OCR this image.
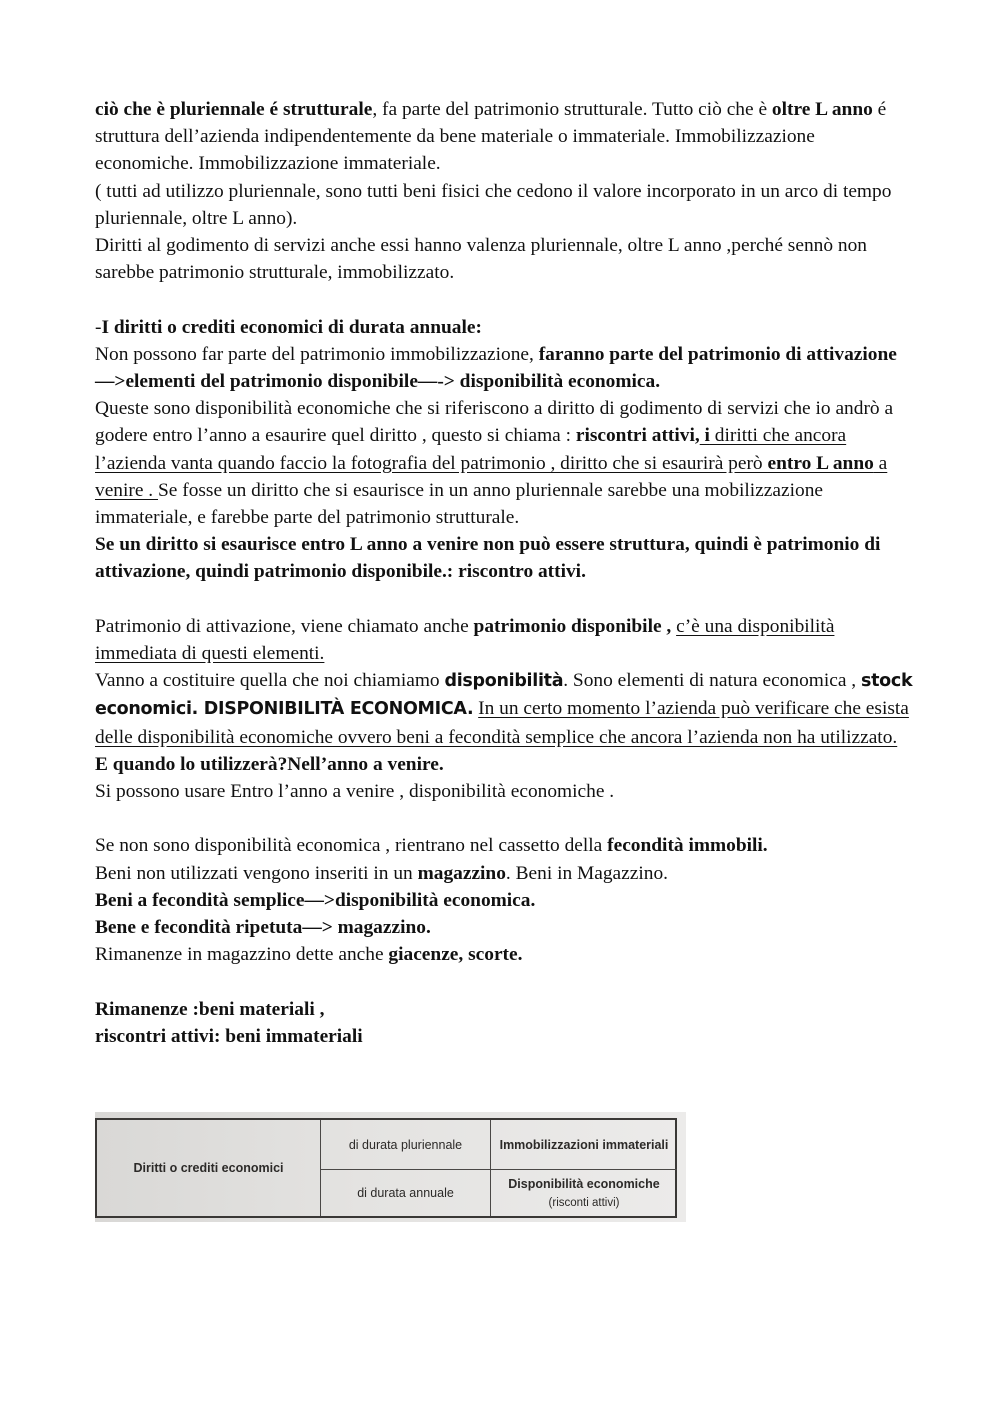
ciò che è pluriennale é strutturale, fa parte del patrimonio strutturale. Tutto ciò che è oltre L anno é struttura dell’azienda indipendentemente da bene materiale o immateriale. Immobilizzazione economiche. Immobilizzazione immateriale.

( tutti ad utilizzo pluriennale, sono tutti beni fisici che cedono il valore incorporato in un arco di tempo pluriennale, oltre L anno).

Diritti al godimento di servizi anche essi hanno valenza pluriennale, oltre L anno ,perché sennò non sarebbe patrimonio strutturale, immobilizzato.

-I diritti o crediti economici di durata annuale:

Non possono far parte del patrimonio immobilizzazione, faranno parte del patrimonio di attivazione—>elementi del patrimonio disponibile—-> disponibilità economica.

Queste sono disponibilità economiche che si riferiscono a diritto di godimento di servizi che io andrò a godere entro l’anno a esaurire quel diritto , questo si chiama : riscontri attivi, i diritti che ancora l’azienda vanta quando faccio la fotografia del patrimonio , diritto che si esaurirà però entro L anno a venire . Se fosse un diritto che si esaurisce in un anno pluriennale sarebbe una mobilizzazione immateriale, e farebbe parte del patrimonio strutturale.

Se un diritto si esaurisce entro L anno a venire non può essere struttura, quindi è patrimonio di attivazione, quindi patrimonio disponibile.: riscontro attivi.

Patrimonio di attivazione, viene chiamato anche patrimonio disponibile , c’è una disponibilità immediata di questi elementi.

Vanno a costituire quella che noi chiamiamo disponibilità. Sono elementi di natura economica , stock economici. DISPONIBILITÀ ECONOMICA. In un certo momento l’azienda può verificare che esista delle disponibilità economiche ovvero beni a fecondità semplice che ancora l’azienda non ha utilizzato. E quando lo utilizzerà?Nell’anno a venire.

Si possono usare Entro l’anno a venire , disponibilità economiche .

Se non sono disponibilità economica , rientrano nel cassetto della fecondità immobili.

Beni non utilizzati vengono inseriti in un magazzino. Beni in Magazzino.

Beni a fecondità semplice—>disponibilità economica.

Bene e fecondità ripetuta—> magazzino.

Rimanenze in magazzino dette anche giacenze, scorte.

Rimanenze :beni materiali ,

riscontri attivi: beni immateriali

Diritti o crediti economici
di durata pluriennale
di durata annuale
Immobilizzazioni immateriali
Disponibilità economiche
(risconti attivi)
